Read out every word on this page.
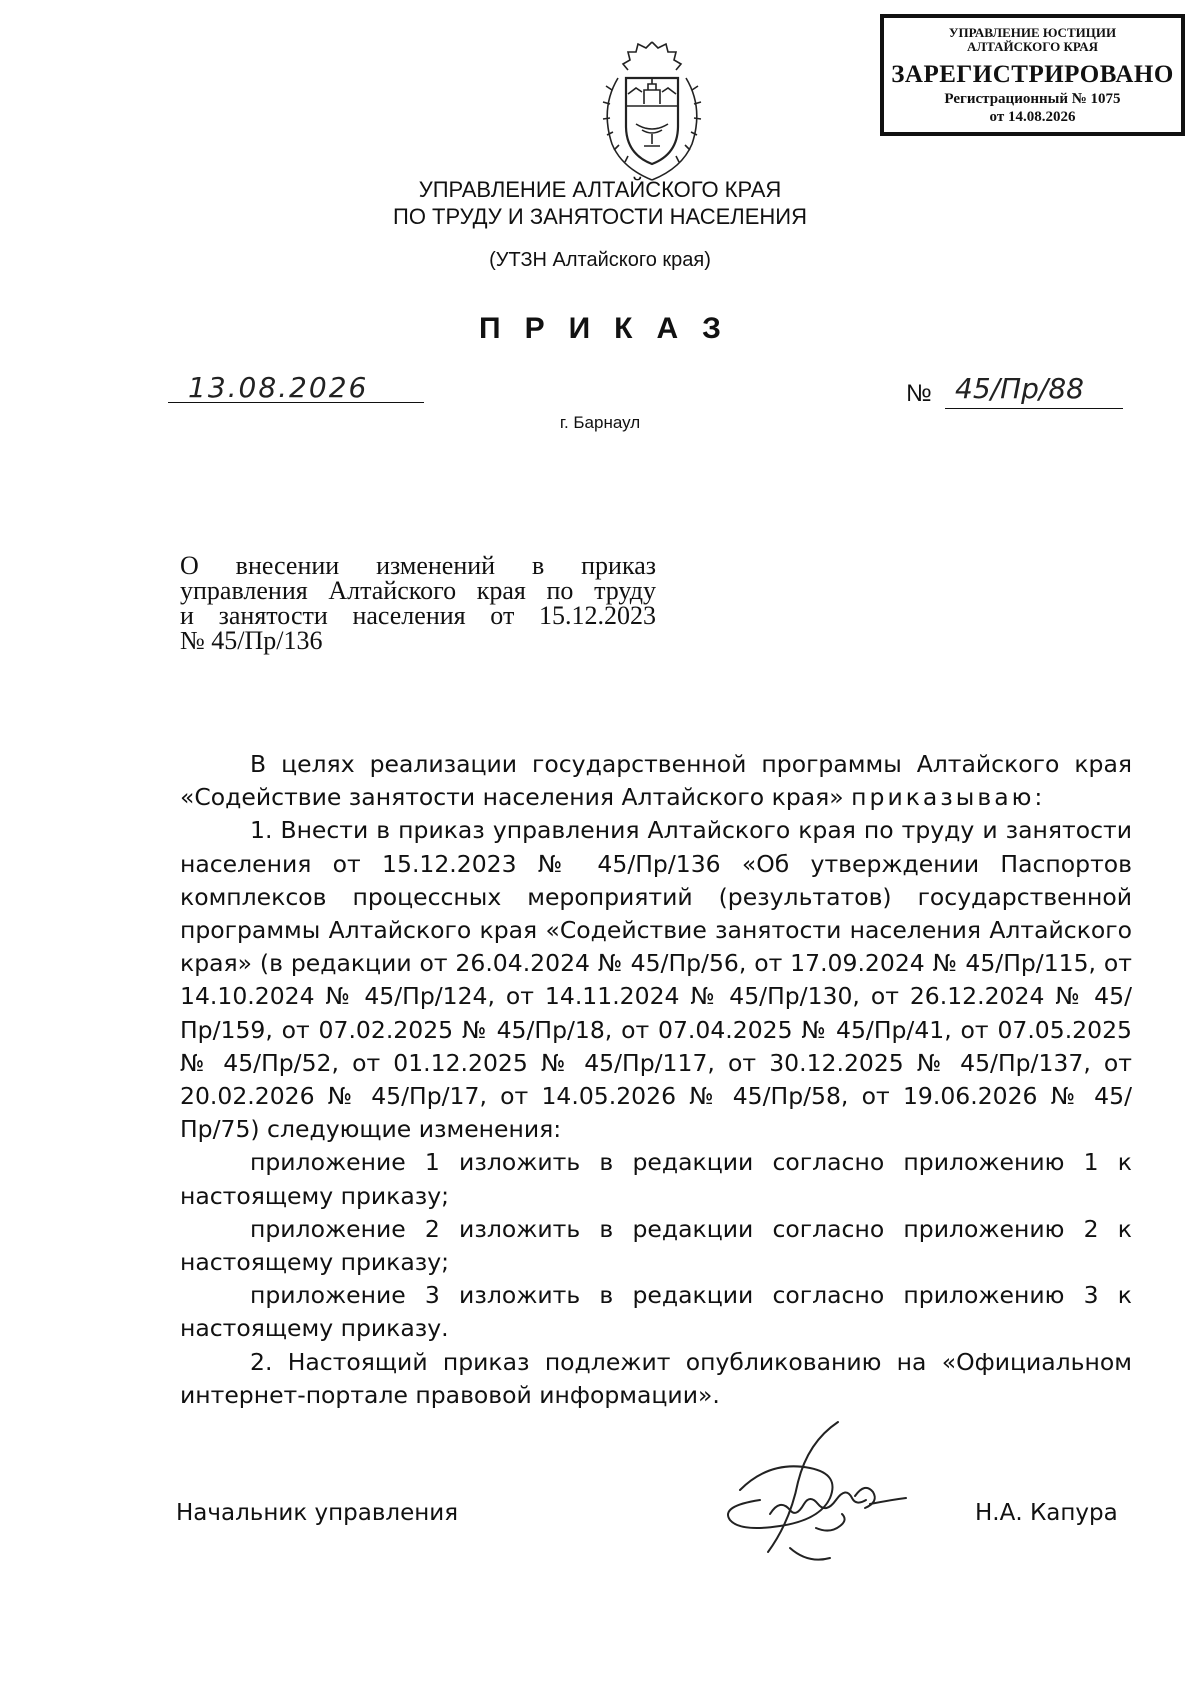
УПРАВЛЕНИЕ ЮСТИЦИИ
АЛТАЙСКОГО КРАЯ
ЗАРЕГИСТРИРОВАНО
Регистрационный № 1075
от 14.08.2026
УПРАВЛЕНИЕ АЛТАЙСКОГО КРАЯ
ПО ТРУДУ И ЗАНЯТОСТИ НАСЕЛЕНИЯ
(УТЗН Алтайского края)
ПРИКАЗ
13.08.2026	№ 45/Пр/88
г. Барнаул
О внесении изменений в приказ
управления Алтайского края по труду
и занятости населения от 15.12.2023
№ 45/Пр/136

В целях реализации государственной программы Алтайского края «Содействие занятости населения Алтайского края» приказываю:

1. Внести в приказ управления Алтайского края по труду и занятости населения от 15.12.2023 № 45/Пр/136 «Об утверждении Паспортов комплексов процессных мероприятий (результатов) государственной программы Алтайского края «Содействие занятости населения Алтайского края» (в редакции от 26.04.2024 № 45/Пр/56, от 17.09.2024 № 45/Пр/115, от 14.10.2024 № 45/Пр/124, от 14.11.2024 № 45/Пр/130, от 26.12.2024 № 45/Пр/159, от 07.02.2025 № 45/Пр/18, от 07.04.2025 № 45/Пр/41, от 07.05.2025 № 45/Пр/52, от 01.12.2025 № 45/Пр/117, от 30.12.2025 № 45/Пр/137, от 20.02.2026 № 45/Пр/17, от 14.05.2026 № 45/Пр/58, от 19.06.2026 № 45/Пр/75) следующие изменения:

приложение 1 изложить в редакции согласно приложению 1 к настоящему приказу;

приложение 2 изложить в редакции согласно приложению 2 к настоящему приказу;

приложение 3 изложить в редакции согласно приложению 3 к настоящему приказу.

2. Настоящий приказ подлежит опубликованию на «Официальном интернет-портале правовой информации».

Начальник управления	Н.А. Капура
